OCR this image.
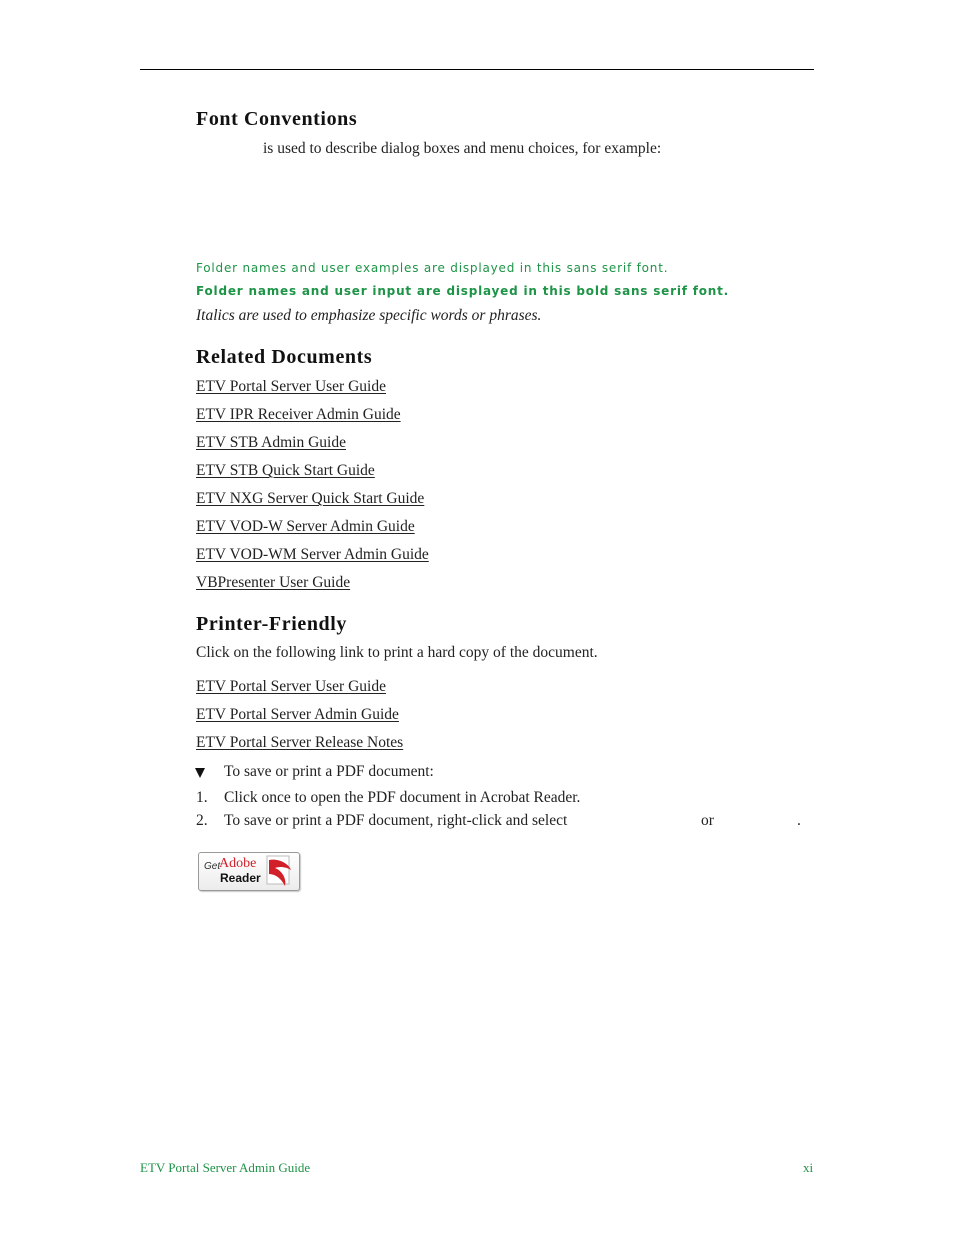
Font Conventions
is used to describe dialog boxes and menu choices, for example:
Folder names and user examples are displayed in this sans serif font.
Folder names and user input are displayed in this bold sans serif font.
Italics are used to emphasize specific words or phrases.
Related Documents
ETV Portal Server User Guide
ETV IPR Receiver Admin Guide
ETV STB Admin Guide
ETV STB Quick Start Guide
ETV NXG Server Quick Start Guide
ETV VOD-W Server Admin Guide
ETV VOD-WM Server Admin Guide
VBPresenter User Guide
Printer-Friendly
Click on the following link to print a hard copy of the document.
ETV Portal Server User Guide
ETV Portal Server Admin Guide
ETV Portal Server Release Notes
To save or print a PDF document:
1. Click once to open the PDF document in Acrobat Reader.
2. To save or print a PDF document, right-click and select	or	.
Get
Adobe
Reader
ETV Portal Server Admin Guide	xi
